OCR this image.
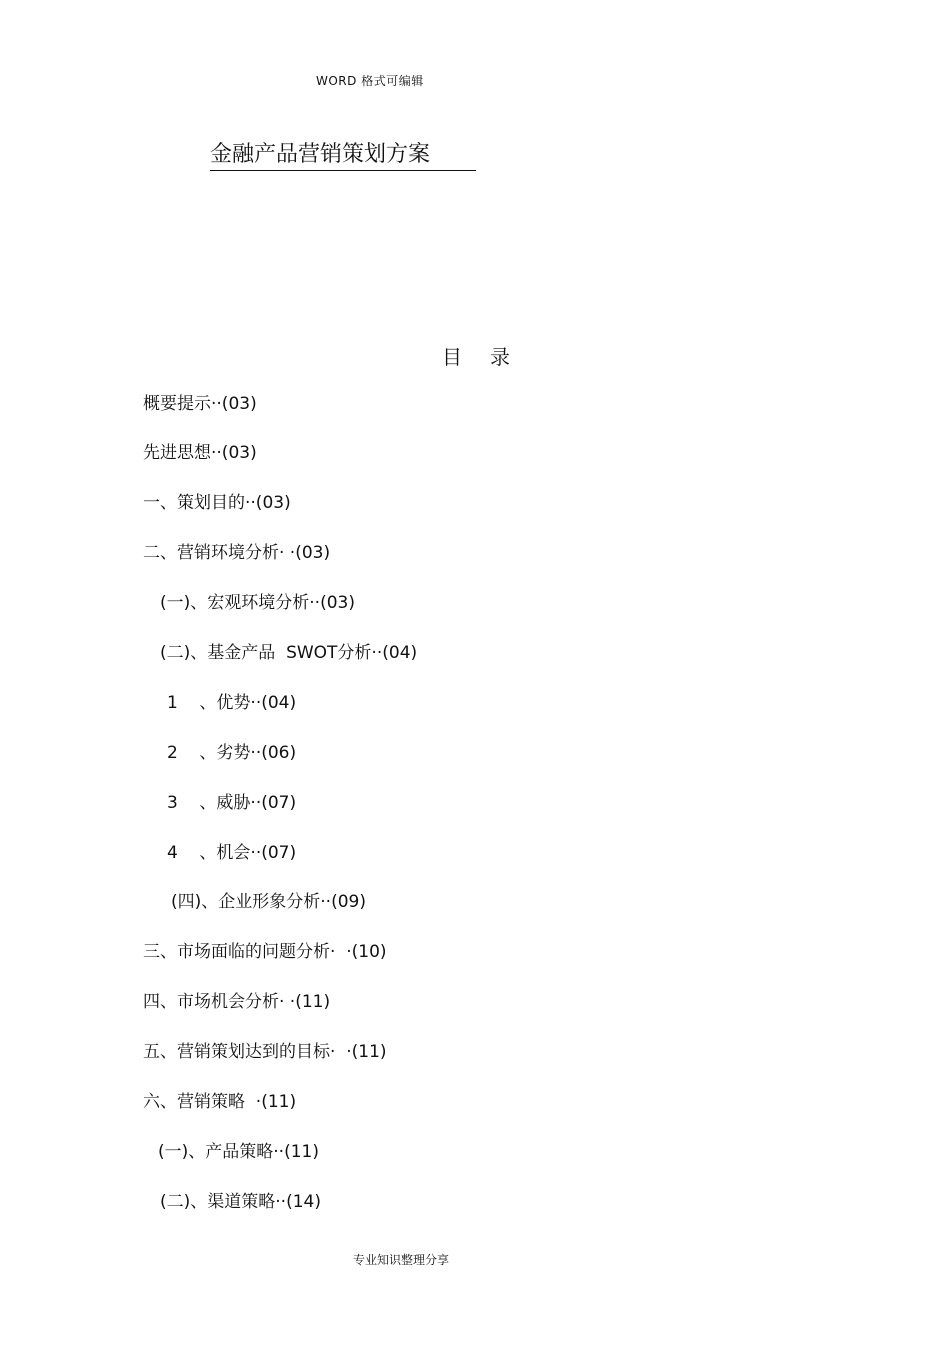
WORD 格式可编辑
金融产品营销策划方案
目 录
概要提示··(03)
先进思想··(03)
一、策划目的··(03)
二、营销环境分析· ·(03)
(一)、宏观环境分析··(03)
(二)、基金产品  SWOT分析··(04)
1    、优势··(04)
2    、劣势··(06)
3    、威胁··(07)
4    、机会··(07)
(四)、企业形象分析··(09)
三、市场面临的问题分析·  ·(10)
四、市场机会分析· ·(11)
五、营销策划达到的目标·  ·(11)
六、营销策略  ·(11)
(一)、产品策略··(11)
(二)、渠道策略··(14)
专业知识整理分享
